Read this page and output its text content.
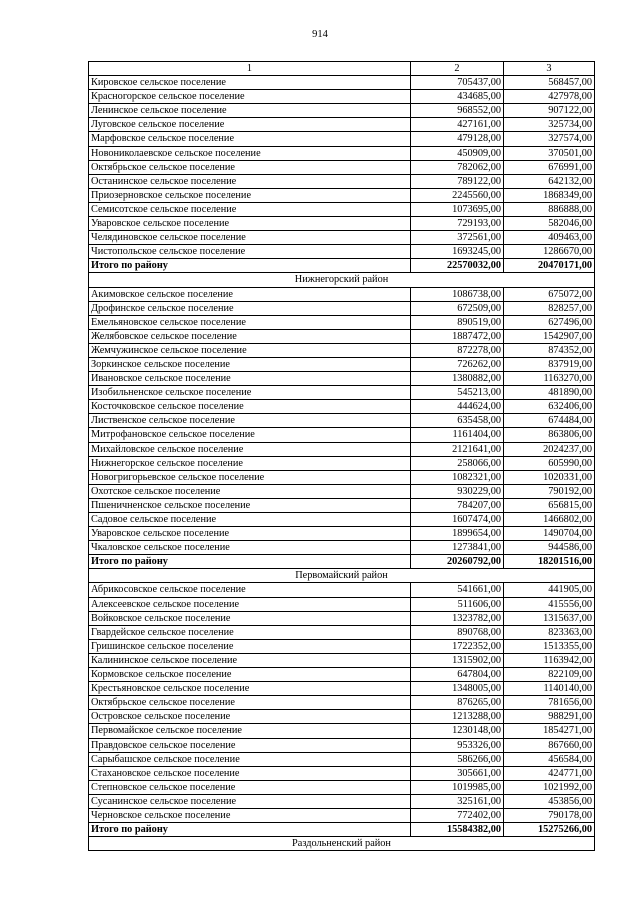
914
1	2	3
Кировское сельское поселение	705437,00	568457,00
Красногорское сельское поселение	434685,00	427978,00
Ленинское сельское поселение	968552,00	907122,00
Луговское сельское поселение	427161,00	325734,00
Марфовское сельское поселение	479128,00	327574,00
Новониколаевское сельское поселение	450909,00	370501,00
Октябрьское сельское поселение	782062,00	676991,00
Останинское сельское поселение	789122,00	642132,00
Приозерновское сельское поселение	2245560,00	1868349,00
Семисотское сельское поселение	1073695,00	886888,00
Уваровское сельское поселение	729193,00	582046,00
Челядиновское сельское поселение	372561,00	409463,00
Чистопольское сельское поселение	1693245,00	1286670,00
Итого по району	22570032,00	20470171,00
Нижнегорский район		
Акимовское сельское поселение	1086738,00	675072,00
Дрофинское сельское поселение	672509,00	828257,00
Емельяновское сельское поселение	890519,00	627496,00
Желябовское сельское поселение	1887472,00	1542907,00
Жемчужинское сельское поселение	872278,00	874352,00
Зоркинское сельское поселение	726262,00	837919,00
Ивановское сельское поселение	1380882,00	1163270,00
Изобильненское сельское поселение	545213,00	481890,00
Косточковское сельское поселение	444624,00	632406,00
Лиственское сельское поселение	635458,00	674484,00
Митрофановское сельское поселение	1161404,00	863806,00
Михайловское сельское поселение	2121641,00	2024237,00
Нижнегорское сельское поселение	258066,00	605990,00
Новогригорьевское сельское поселение	1082321,00	1020331,00
Охотское сельское поселение	930229,00	790192,00
Пшеничненское сельское поселение	784207,00	656815,00
Садовое сельское поселение	1607474,00	1466802,00
Уваровское сельское поселение	1899654,00	1490704,00
Чкаловское сельское поселение	1273841,00	944586,00
Итого по району	20260792,00	18201516,00
Первомайский район		
Абрикосовское сельское поселение	541661,00	441905,00
Алексеевское сельское поселение	511606,00	415556,00
Войковское сельское поселение	1323782,00	1315637,00
Гвардейское сельское поселение	890768,00	823363,00
Гришинское сельское поселение	1722352,00	1513355,00
Калининское сельское поселение	1315902,00	1163942,00
Кормовское сельское поселение	647804,00	822109,00
Крестьяновское сельское поселение	1348005,00	1140140,00
Октябрьское сельское поселение	876265,00	781656,00
Островское сельское поселение	1213288,00	988291,00
Первомайское сельское поселение	1230148,00	1854271,00
Правдовское сельское поселение	953326,00	867660,00
Сарыбашское сельское поселение	586266,00	456584,00
Стахановское сельское поселение	305661,00	424771,00
Степновское сельское поселение	1019985,00	1021992,00
Сусанинское сельское поселение	325161,00	453856,00
Черновское сельское поселение	772402,00	790178,00
Итого по району	15584382,00	15275266,00
Раздольненский район		
